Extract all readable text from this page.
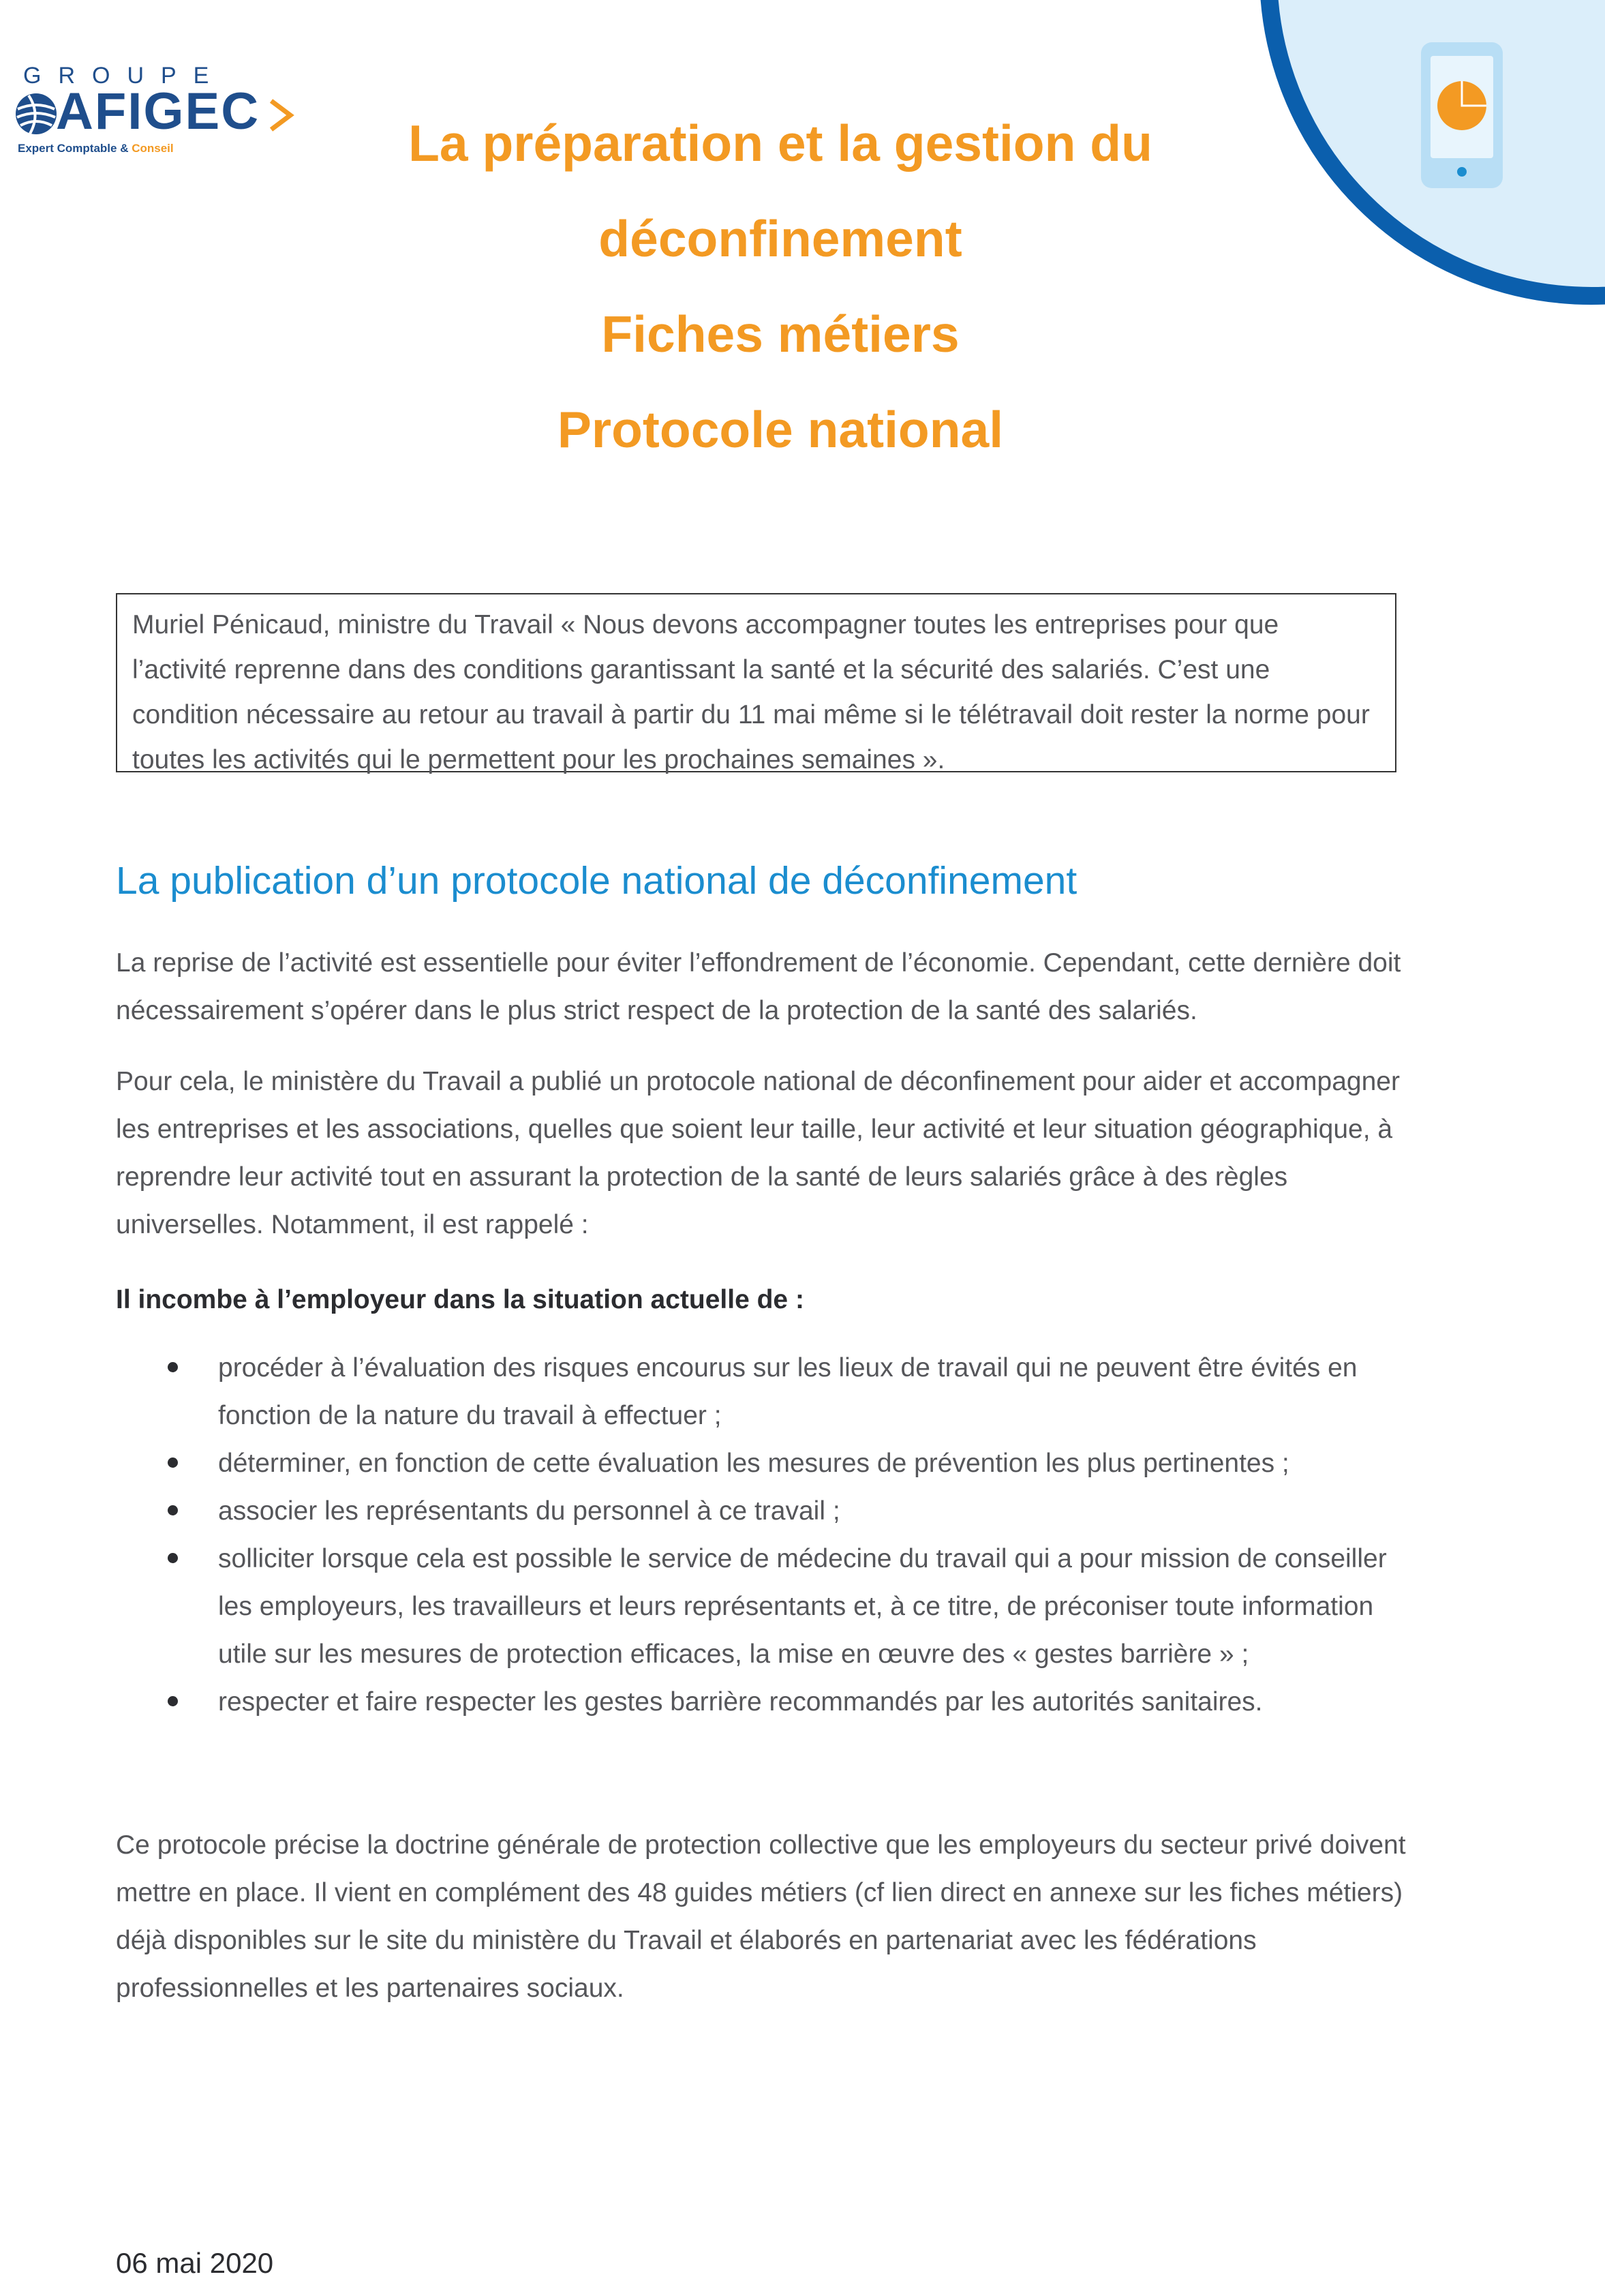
GROUPE
AFIGEC
Expert Comptable & Conseil	La préparation et la gestion du
déconfinement
Fiches métiers
Protocole national
Muriel Pénicaud, ministre du Travail « Nous devons accompagner toutes les entreprises pour que l’activité reprenne dans des conditions garantissant la santé et la sécurité des salariés. C’est une condition nécessaire au retour au travail à partir du 11 mai même si le télétravail doit rester la norme pour toutes les activités qui le permettent pour les prochaines semaines ».
La publication d’un protocole national de déconfinement

La reprise de l’activité est essentielle pour éviter l’effondrement de l’économie. Cependant, cette dernière doit nécessairement s’opérer dans le plus strict respect de la protection de la santé des salariés.

Pour cela, le ministère du Travail a publié un protocole national de déconfinement pour aider et accompagner les entreprises et les associations, quelles que soient leur taille, leur activité et leur situation géographique, à reprendre leur activité tout en assurant la protection de la santé de leurs salariés grâce à des règles universelles. Notamment, il est rappelé :

Il incombe à l’employeur dans la situation actuelle de :
procéder à l’évaluation des risques encourus sur les lieux de travail qui ne peuvent être évités en fonction de la nature du travail à effectuer ;
déterminer, en fonction de cette évaluation les mesures de prévention les plus pertinentes ;
associer les représentants du personnel à ce travail ;
solliciter lorsque cela est possible le service de médecine du travail qui a pour mission de conseiller les employeurs, les travailleurs et leurs représentants et, à ce titre, de préconiser toute information utile sur les mesures de protection efficaces, la mise en œuvre des « gestes barrière » ;
respecter et faire respecter les gestes barrière recommandés par les autorités sanitaires.

Ce protocole précise la doctrine générale de protection collective que les employeurs du secteur privé doivent mettre en place. Il vient en complément des 48 guides métiers (cf lien direct en annexe sur les fiches métiers) déjà disponibles sur le site du ministère du Travail et élaborés en partenariat avec les fédérations professionnelles et les partenaires sociaux.

06 mai 2020
